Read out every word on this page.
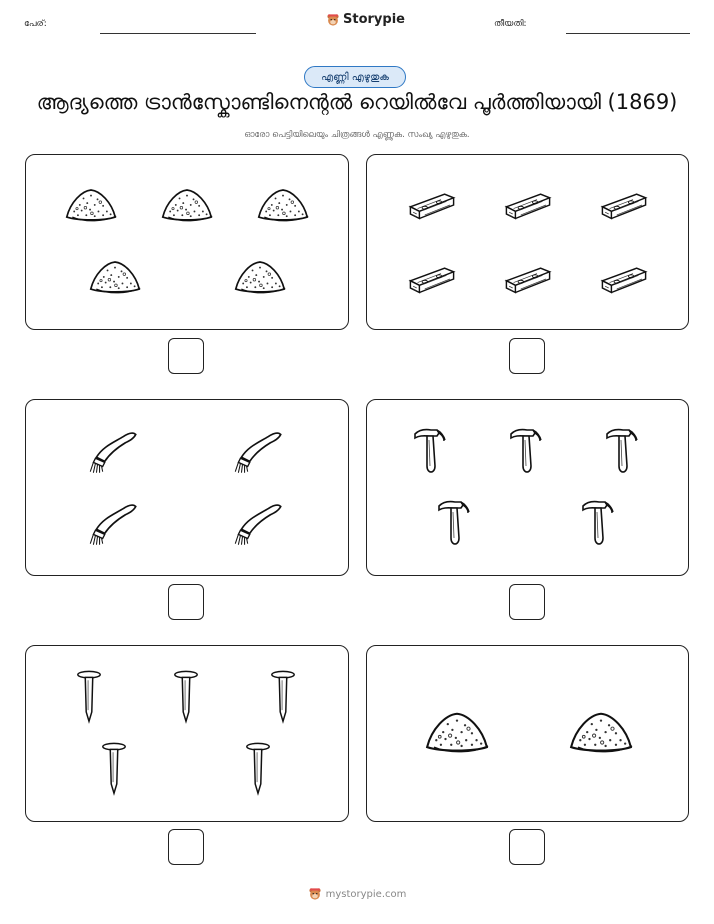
പേര്:	Storypie	തീയതി:
എണ്ണി എഴുതുക
ആദ്യത്തെ ട്രാൻസ്കോണ്ടിനെന്റൽ റെയിൽവേ പൂർത്തിയായി (1869)
ഓരോ പെട്ടിയിലെയും ചിത്രങ്ങൾ എണ്ണുക. സംഖ്യ എഴുതുക.
mystorypie.com
